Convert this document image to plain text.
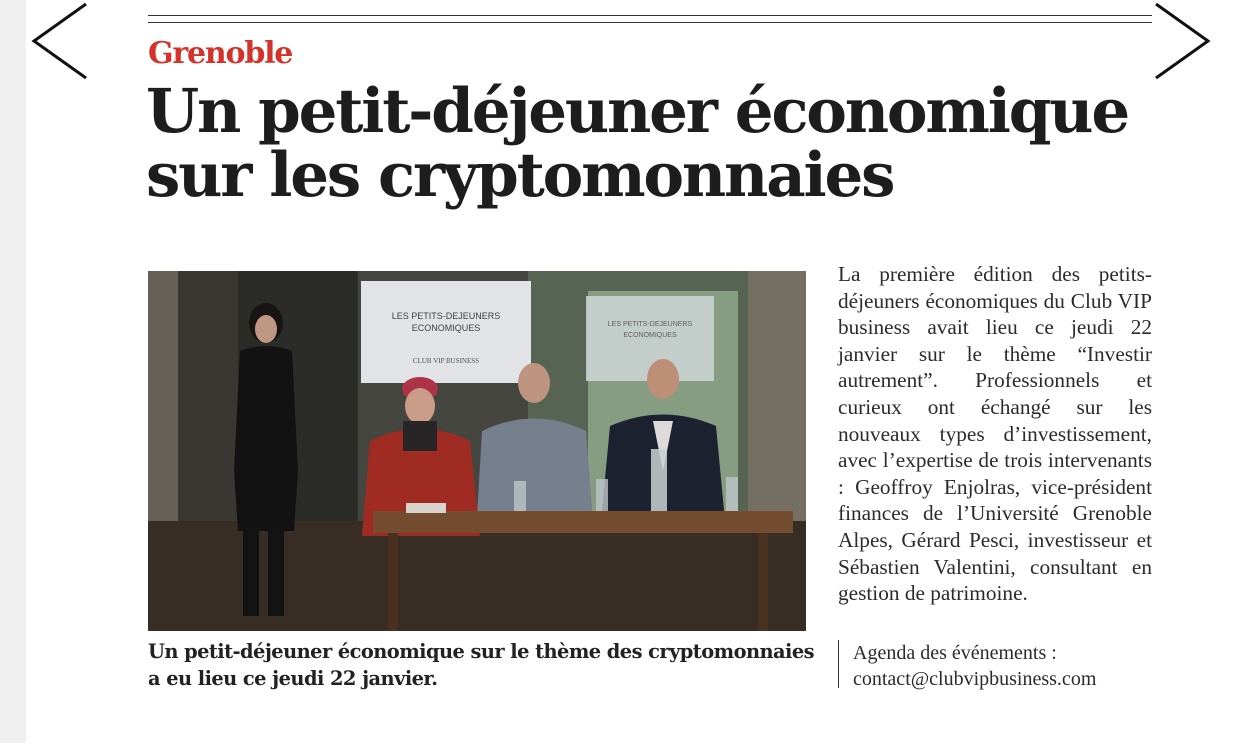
Grenoble
Un petit-déjeuner économique
sur les cryptomonnaies
LES PETITS-DEJEUNERS
ECONOMIQUES
CLUB VIP BUSINESS
LES PETITS-DEJEUNERS
ECONOMIQUES
Un petit-déjeuner économique sur le thème des cryptomonnaies a eu lieu ce jeudi 22 janvier.
La première édition des petits-déjeuners économiques du Club VIP business avait lieu ce jeudi 22 janvier sur le thème “Investir autrement”. Professionnels et curieux ont échangé sur les nouveaux types d’investissement, avec l’expertise de trois intervenants : Geoffroy Enjolras, vice-président finances de l’Université Grenoble Alpes, Gérard Pesci, investisseur et Sébastien Valentini, consultant en gestion de patrimoine.
Agenda des événements :
contact@clubvipbusiness.com
